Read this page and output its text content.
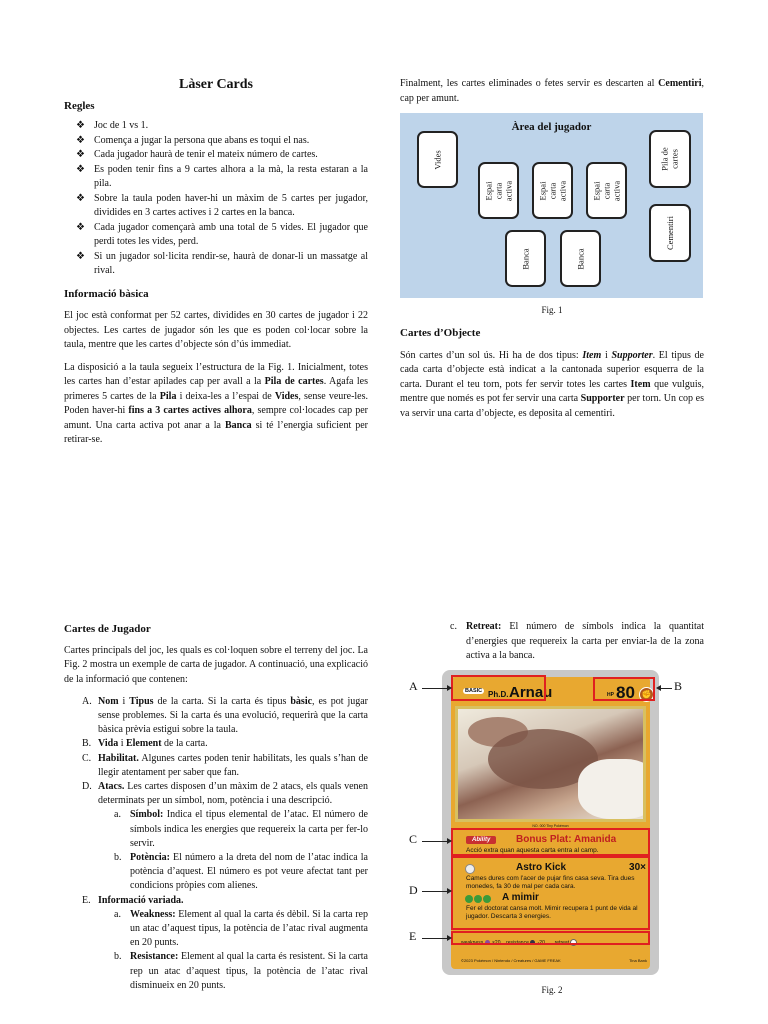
Làser Cards
Regles
❖ Joc de 1 vs 1.
❖ Comença a jugar la persona que abans es toqui el nas.
❖ Cada jugador haurà de tenir el mateix número de cartes.
❖ Es poden tenir fins a 9 cartes alhora a la mà, la resta estaran a la pila.
❖ Sobre la taula poden haver-hi un màxim de 5 cartes per jugador, dividides en 3 cartes actives i 2 cartes en la banca.
❖ Cada jugador començarà amb una total de 5 vides. El jugador que perdi totes les vides, perd.
❖ Si un jugador sol·licita rendir-se, haurà de donar-li un massatge al rival.
Informació bàsica

El joc està conformat per 52 cartes, dividides en 30 cartes de jugador i 22 objectes. Les cartes de jugador són les que es poden col·locar sobre la taula, mentre que les cartes d’objecte són d’ús immediat.

La disposició a la taula segueix l’estructura de la Fig. 1. Inicialment, totes les cartes han d’estar apilades cap per avall a la Pila de cartes. Agafa les primeres 5 cartes de la Pila i deixa-les a l’espai de Vides, sense veure-les. Poden haver-hi fins a 3 cartes actives alhora, sempre col·locades cap per amunt. Una carta activa pot anar a la Banca si té l’energia suficient per retirar-se.

Finalment, les cartes eliminades o fetes servir es descarten al Cementiri, cap per amunt.

Àrea del jugador
Vides
Espai carta
activa	Espai carta
activa	Espai carta
activa
Banca	Banca
Pila de
cartes
Cementiri
Fig. 1
Cartes d’Objecte

Són cartes d’un sol ús. Hi ha de dos tipus: Item i Supporter. El tipus de cada carta d’objecte està indicat a la cantonada superior esquerra de la carta. Durant el teu torn, pots fer servir totes les cartes Item que vulguis, mentre que només es pot fer servir una carta Supporter per torn. Un cop es va servir una carta d’objecte, es deposita al cementiri.

Cartes de Jugador

Cartes principals del joc, les quals es col·loquen sobre el terreny del joc. La Fig. 2 mostra un exemple de carta de jugador. A continuació, una explicació de la informació que contenen:

A. Nom i Tipus de la carta. Si la carta és tipus bàsic, es pot jugar sense problemes. Si la carta és una evolució, requerirà que la carta bàsica prèvia estigui sobre la taula.
B. Vida i Element de la carta.
C. Habilitat. Algunes cartes poden tenir habilitats, les quals s’han de llegir atentament per saber que fan.
D. Atacs. Les cartes disposen d’un màxim de 2 atacs, els quals venen determinats per un símbol, nom, potència i una descripció.
a. Símbol: Indica el tipus elemental de l’atac. El número de símbols indica les energies que requereix la carta per fer-lo servir.
b. Potència: El número a la dreta del nom de l’atac indica la potència d’aquest. El número es pot veure afectat tant per condicions pròpies com alienes.
E. Informació variada.
a. Weakness: Element al qual la carta és dèbil. Si la carta rep un atac d’aquest tipus, la potència de l’atac rival augmenta en 20 punts.
b. Resistance: Element al qual la carta és resistent. Si la carta rep un atac d’aquest tipus, la potència de l’atac rival disminueix en 20 punts.
c. Retreat: El número de símbols indica la quantitat d’energies que requereix la carta per enviar-la de la zona activa a la banca.
BASIC Ph.D. Arnau	HP 80 ✊
NO. 000 Tiny Pokémon
Ability	Bonus Plat: Amanida
Acció extra quan aquesta carta entra al camp.
Astro Kick	30×
Cames dures com l'acer de pujar fins casa seva. Tira dues monedes, fa 30 de mal per cada cara.
A mimir
Fer el doctorat cansa molt. Mimir recupera 1 punt de vida al jugador. Descarta 3 energies.
weakness ×20 resistance -20 retreat
©2023 Pokémon / Nintendo / Creatures / GAME FREAK	Tina Bank
A	B
C
D
E
Fig. 2
